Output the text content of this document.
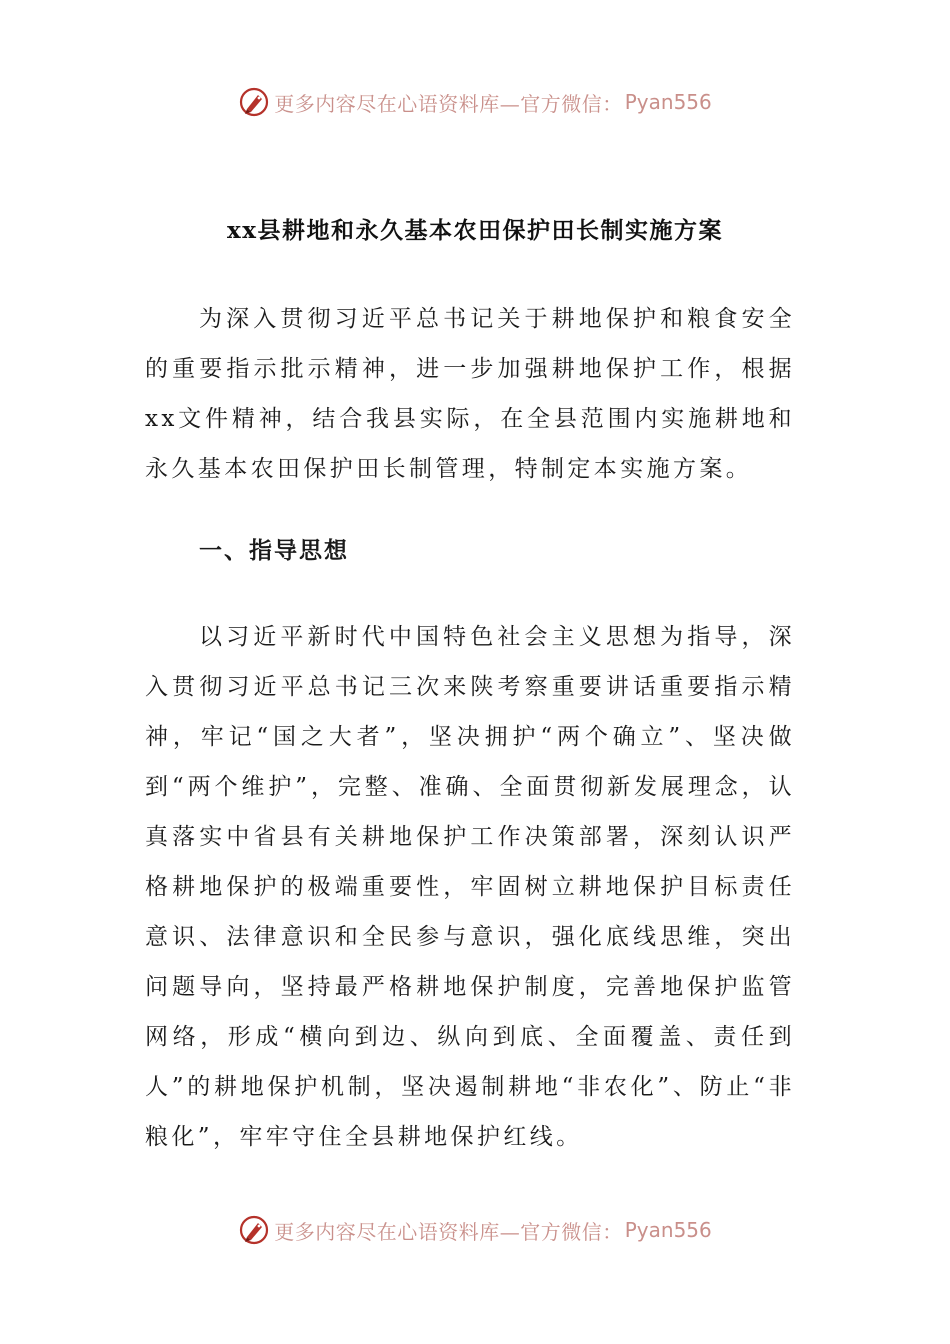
更多内容尽在心语资料库—官方微信： Pyan556
xx县耕地和永久基本农田保护田长制实施方案

为深入贯彻习近平总书记关于耕地保护和粮食安全的重要指示批示精神，进一步加强耕地保护工作，根据xx文件精神，结合我县实际，在全县范围内实施耕地和永久基本农田保护田长制管理，特制定本实施方案。

一、指导思想

以习近平新时代中国特色社会主义思想为指导，深入贯彻习近平总书记三次来陕考察重要讲话重要指示精神，牢记“国之大者”，坚决拥护“两个确立”、坚决做到“两个维护”，完整、准确、全面贯彻新发展理念，认真落实中省县有关耕地保护工作决策部署，深刻认识严格耕地保护的极端重要性，牢固树立耕地保护目标责任意识、法律意识和全民参与意识，强化底线思维，突出问题导向，坚持最严格耕地保护制度，完善地保护监管网络，形成“横向到边、纵向到底、全面覆盖、责任到人”的耕地保护机制，坚决遏制耕地“非农化”、防止“非粮化”，牢牢守住全县耕地保护红线。

更多内容尽在心语资料库—官方微信： Pyan556
